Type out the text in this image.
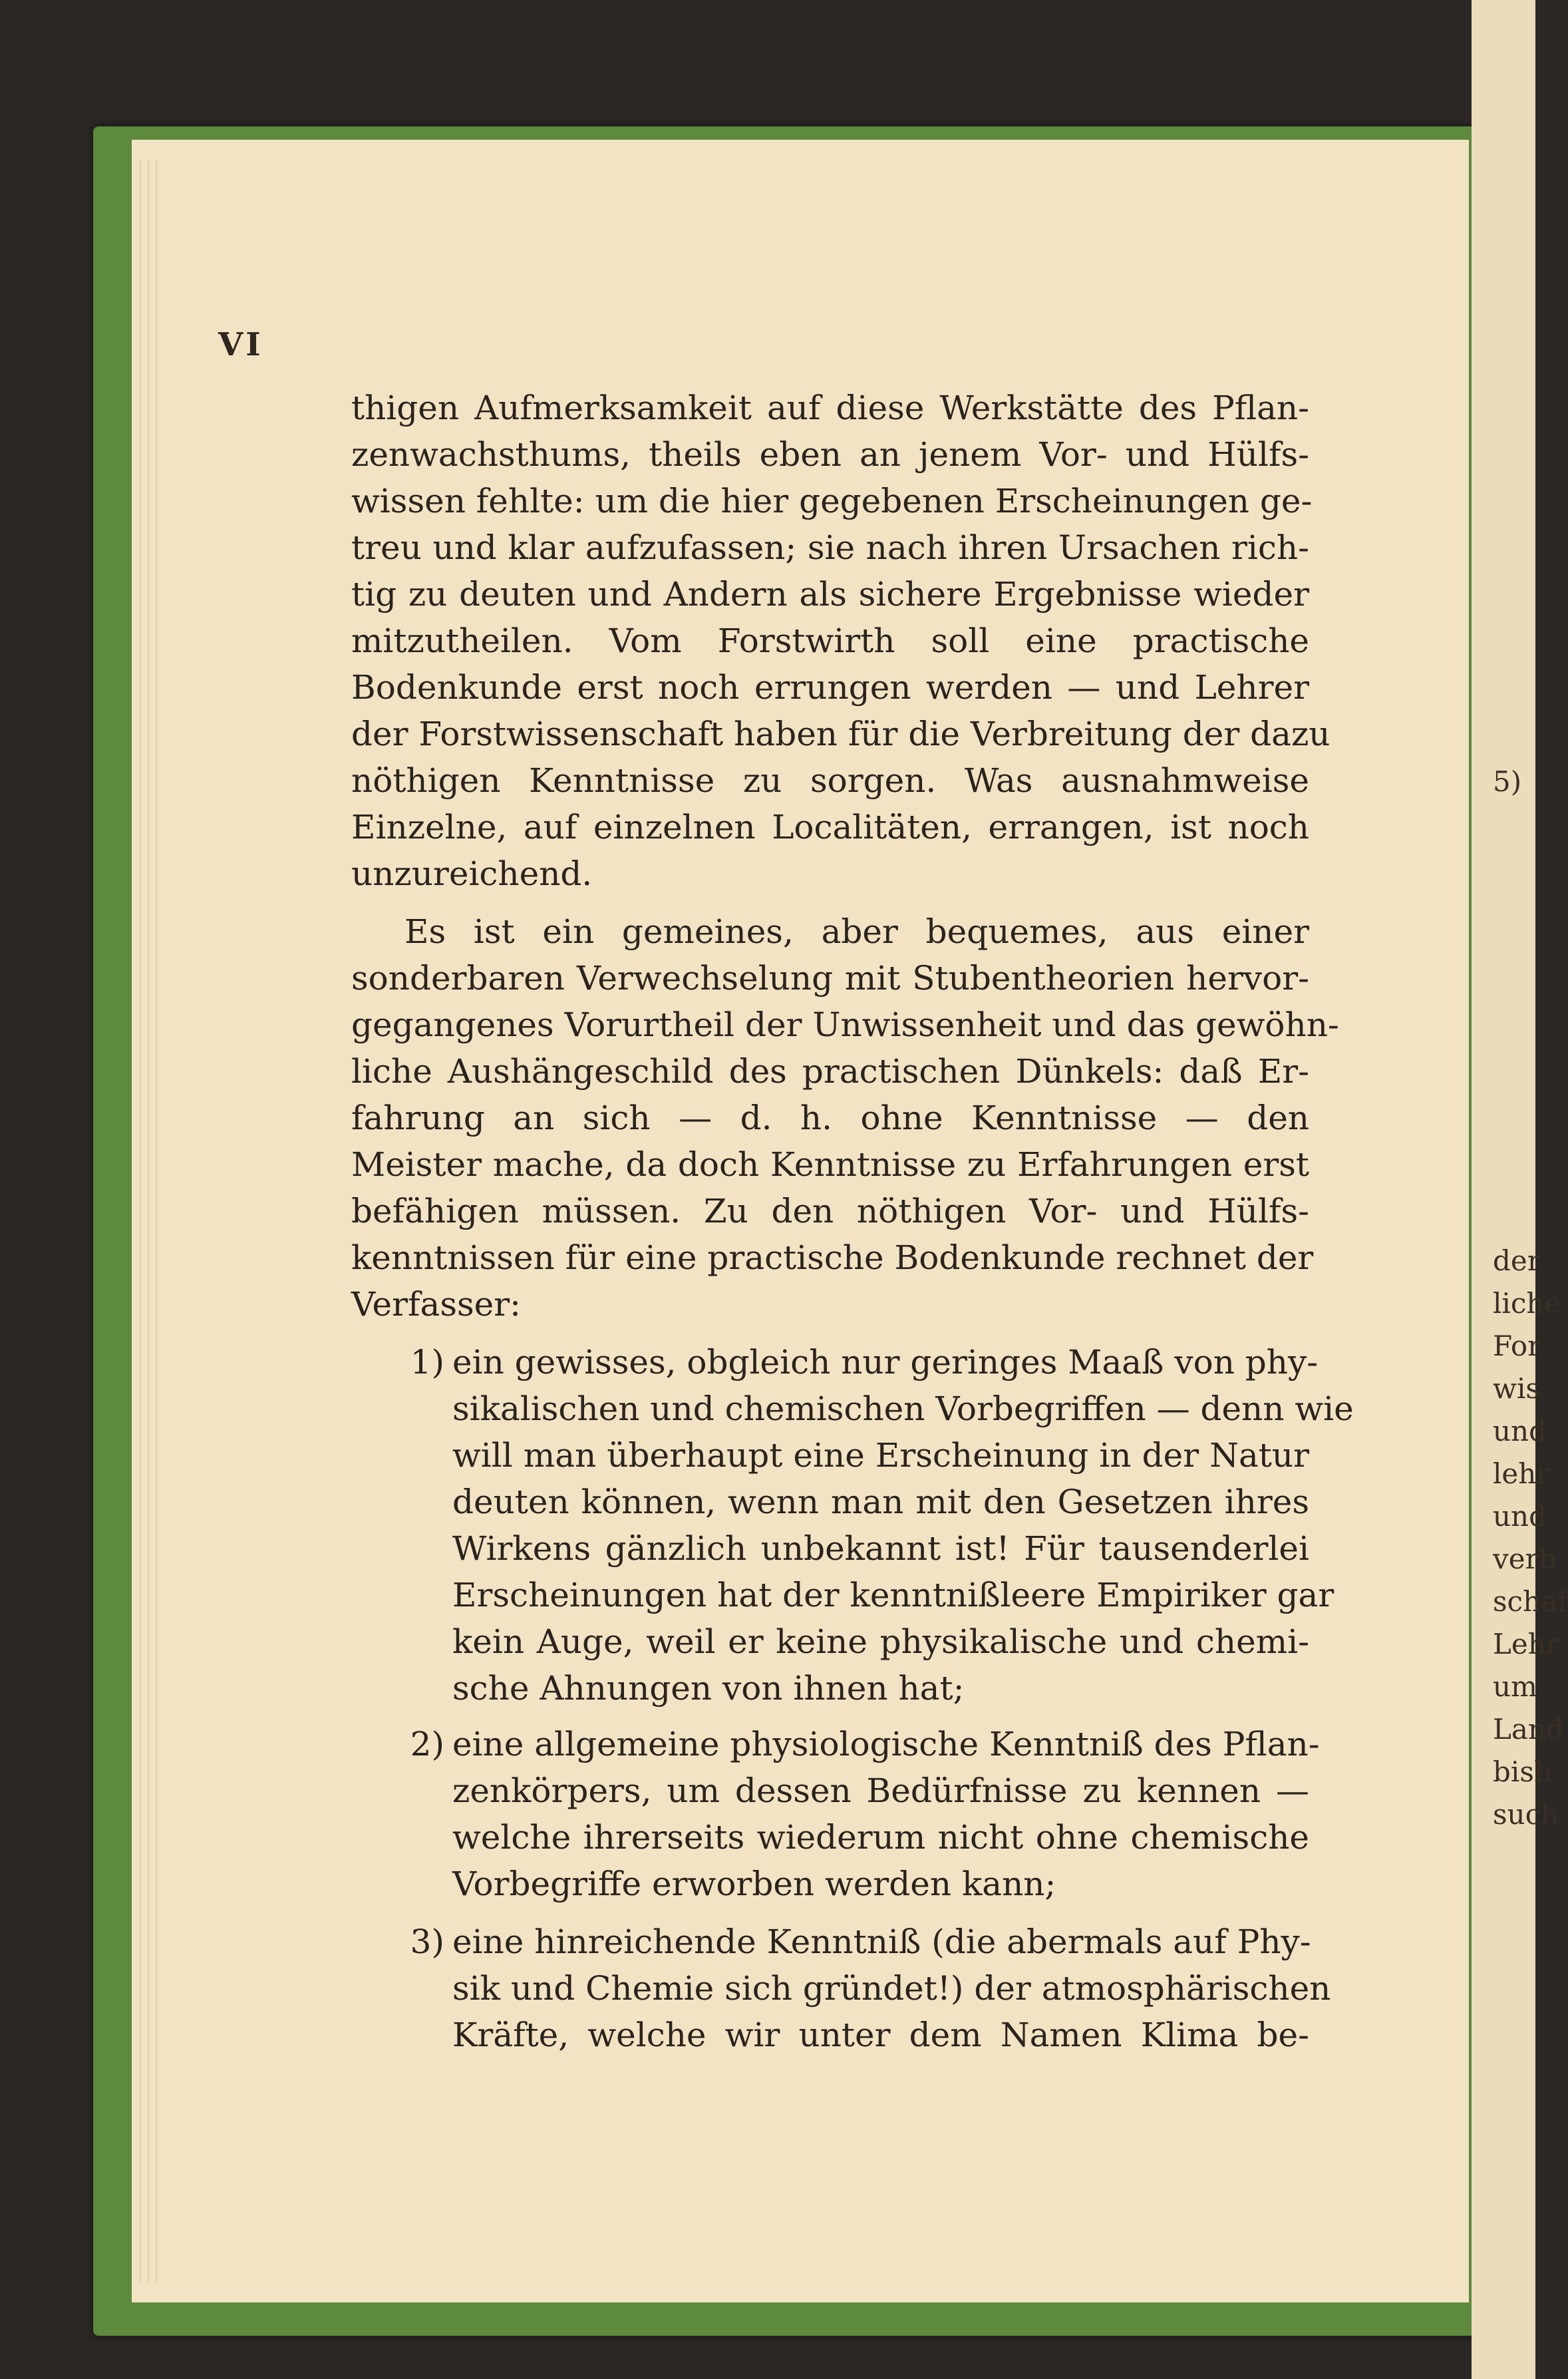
5)
der
liche
For
wis
und
lehr
und
verb
schaf
Lehr
um
Land
bish
such
VI
thigen Aufmerksamkeit auf diese Werkstätte des Pflan-
zenwachsthums, theils eben an jenem Vor- und Hülfs-
wissen fehlte: um die hier gegebenen Erscheinungen ge-
treu und klar aufzufassen; sie nach ihren Ursachen rich-
tig zu deuten und Andern als sichere Ergebnisse wieder
mitzutheilen. Vom Forstwirth soll eine practische
Bodenkunde erst noch errungen werden — und Lehrer
der Forstwissenschaft haben für die Verbreitung der dazu
nöthigen Kenntnisse zu sorgen. Was ausnahmweise
Einzelne, auf einzelnen Localitäten, errangen, ist noch
unzureichend.
Es ist ein gemeines, aber bequemes, aus einer
sonderbaren Verwechselung mit Stubentheorien hervor-
gegangenes Vorurtheil der Unwissenheit und das gewöhn-
liche Aushängeschild des practischen Dünkels: daß Er-
fahrung an sich — d. h. ohne Kenntnisse — den
Meister mache, da doch Kenntnisse zu Erfahrungen erst
befähigen müssen. Zu den nöthigen Vor- und Hülfs-
kenntnissen für eine practische Bodenkunde rechnet der
Verfasser:
1) ein gewisses, obgleich nur geringes Maaß von phy-
sikalischen und chemischen Vorbegriffen — denn wie
will man überhaupt eine Erscheinung in der Natur
deuten können, wenn man mit den Gesetzen ihres
Wirkens gänzlich unbekannt ist! Für tausenderlei
Erscheinungen hat der kenntnißleere Empiriker gar
kein Auge, weil er keine physikalische und chemi-
sche Ahnungen von ihnen hat;
2) eine allgemeine physiologische Kenntniß des Pflan-
zenkörpers, um dessen Bedürfnisse zu kennen —
welche ihrerseits wiederum nicht ohne chemische
Vorbegriffe erworben werden kann;
3) eine hinreichende Kenntniß (die abermals auf Phy-
sik und Chemie sich gründet!) der atmosphärischen
Kräfte, welche wir unter dem Namen Klima be-
